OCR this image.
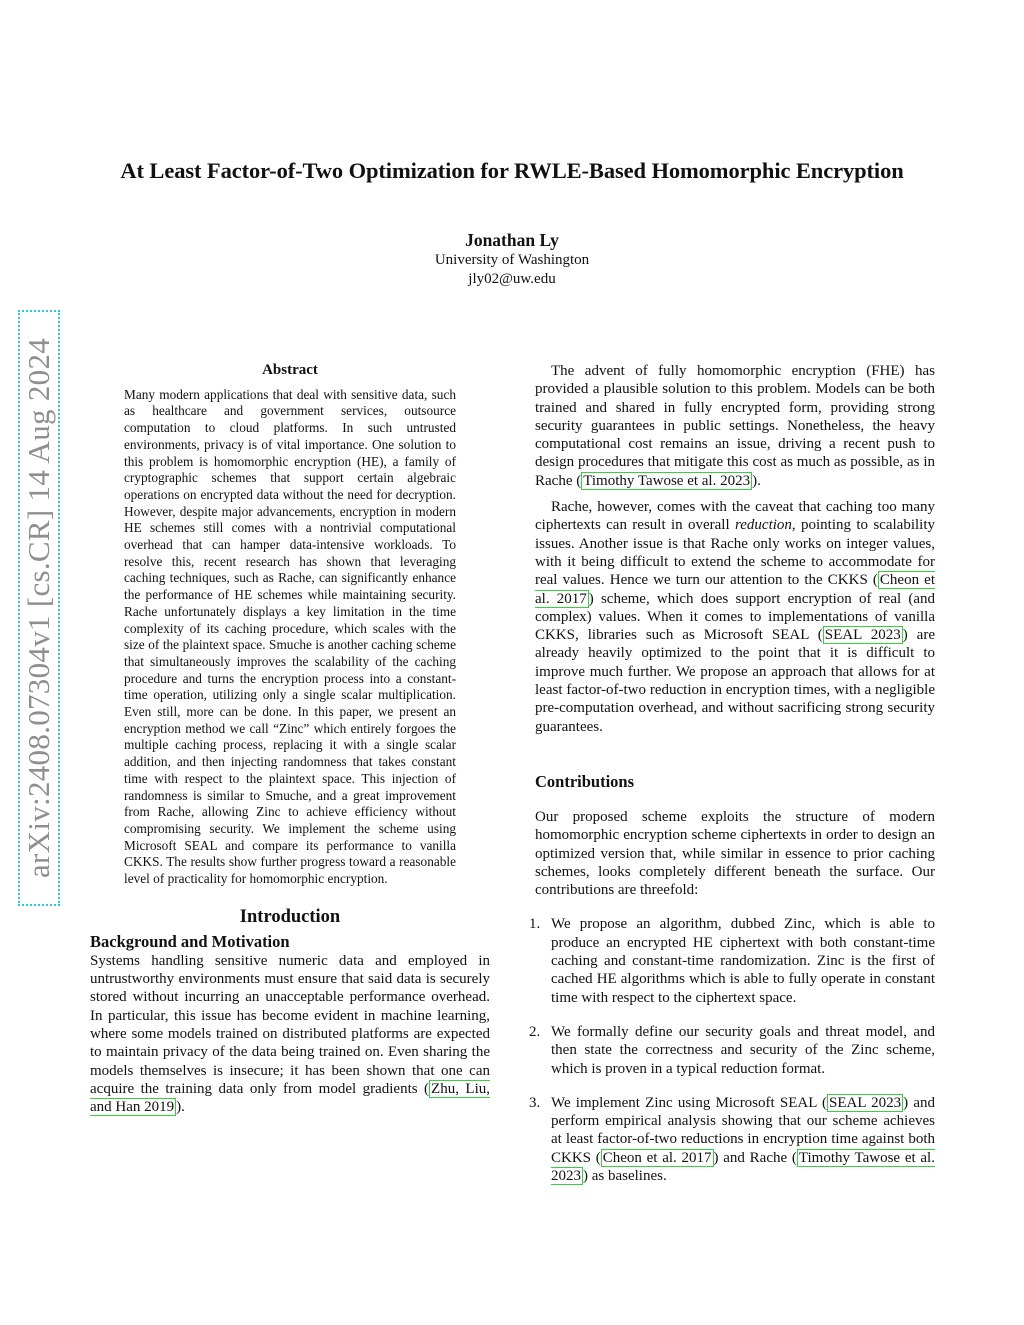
At Least Factor-of-Two Optimization for RWLE-Based Homomorphic Encryption
Jonathan Ly
University of Washington
jly02@uw.edu
arXiv:2408.07304v1 [cs.CR] 14 Aug 2024	Abstract
Many modern applications that deal with sensitive data, such as healthcare and government services, outsource computation to cloud platforms. In such untrusted environments, privacy is of vital importance. One solution to this problem is homomorphic encryption (HE), a family of cryptographic schemes that support certain algebraic operations on encrypted data without the need for decryption. However, despite major advancements, encryption in modern HE schemes still comes with a nontrivial computational overhead that can hamper data-intensive workloads. To resolve this, recent research has shown that leveraging caching techniques, such as Rache, can significantly enhance the performance of HE schemes while maintaining security. Rache unfortunately displays a key limitation in the time complexity of its caching procedure, which scales with the size of the plaintext space. Smuche is another caching scheme that simultaneously improves the scalability of the caching procedure and turns the encryption process into a constant-time operation, utilizing only a single scalar multiplication. Even still, more can be done. In this paper, we present an encryption method we call “Zinc” which entirely forgoes the multiple caching process, replacing it with a single scalar addition, and then injecting randomness that takes constant time with respect to the plaintext space. This injection of randomness is similar to Smuche, and a great improvement from Rache, allowing Zinc to achieve efficiency without compromising security. We implement the scheme using Microsoft SEAL and compare its performance to vanilla CKKS. The results show further progress toward a reasonable level of practicality for homomorphic encryption.
Introduction
Background and Motivation

Systems handling sensitive numeric data and employed in untrustworthy environments must ensure that said data is securely stored without incurring an unacceptable performance overhead. In particular, this issue has become evident in machine learning, where some models trained on distributed platforms are expected to maintain privacy of the data being trained on. Even sharing the models themselves is insecure; it has been shown that one can acquire the training data only from model gradients ( Zhu, Liu, and Han 2019 ).

The advent of fully homomorphic encryption (FHE) has provided a plausible solution to this problem. Models can be both trained and shared in fully encrypted form, providing strong security guarantees in public settings. Nonetheless, the heavy computational cost remains an issue, driving a recent push to design procedures that mitigate this cost as much as possible, as in Rache ( Timothy Tawose et al. 2023 ).

Rache, however, comes with the caveat that caching too many ciphertexts can result in overall reduction, pointing to scalability issues. Another issue is that Rache only works on integer values, with it being difficult to extend the scheme to accommodate for real values. Hence we turn our attention to the CKKS ( Cheon et al. 2017 ) scheme, which does support encryption of real (and complex) values. When it comes to implementations of vanilla CKKS, libraries such as Microsoft SEAL ( SEAL 2023 ) are already heavily optimized to the point that it is difficult to improve much further. We propose an approach that allows for at least factor-of-two reduction in encryption times, with a negligible pre-computation overhead, and without sacrificing strong security guarantees.

Contributions

Our proposed scheme exploits the structure of modern homomorphic encryption scheme ciphertexts in order to design an optimized version that, while similar in essence to prior caching schemes, looks completely different beneath the surface. Our contributions are threefold:

1. We propose an algorithm, dubbed Zinc, which is able to produce an encrypted HE ciphertext with both constant-time caching and constant-time randomization. Zinc is the first of cached HE algorithms which is able to fully operate in constant time with respect to the ciphertext space.

2. We formally define our security goals and threat model, and then state the correctness and security of the Zinc scheme, which is proven in a typical reduction format.

3. We implement Zinc using Microsoft SEAL ( SEAL 2023 ) and perform empirical analysis showing that our scheme achieves at least factor-of-two reductions in encryption time against both CKKS ( Cheon et al. 2017 ) and Rache ( Timothy Tawose et al. 2023 ) as baselines.
